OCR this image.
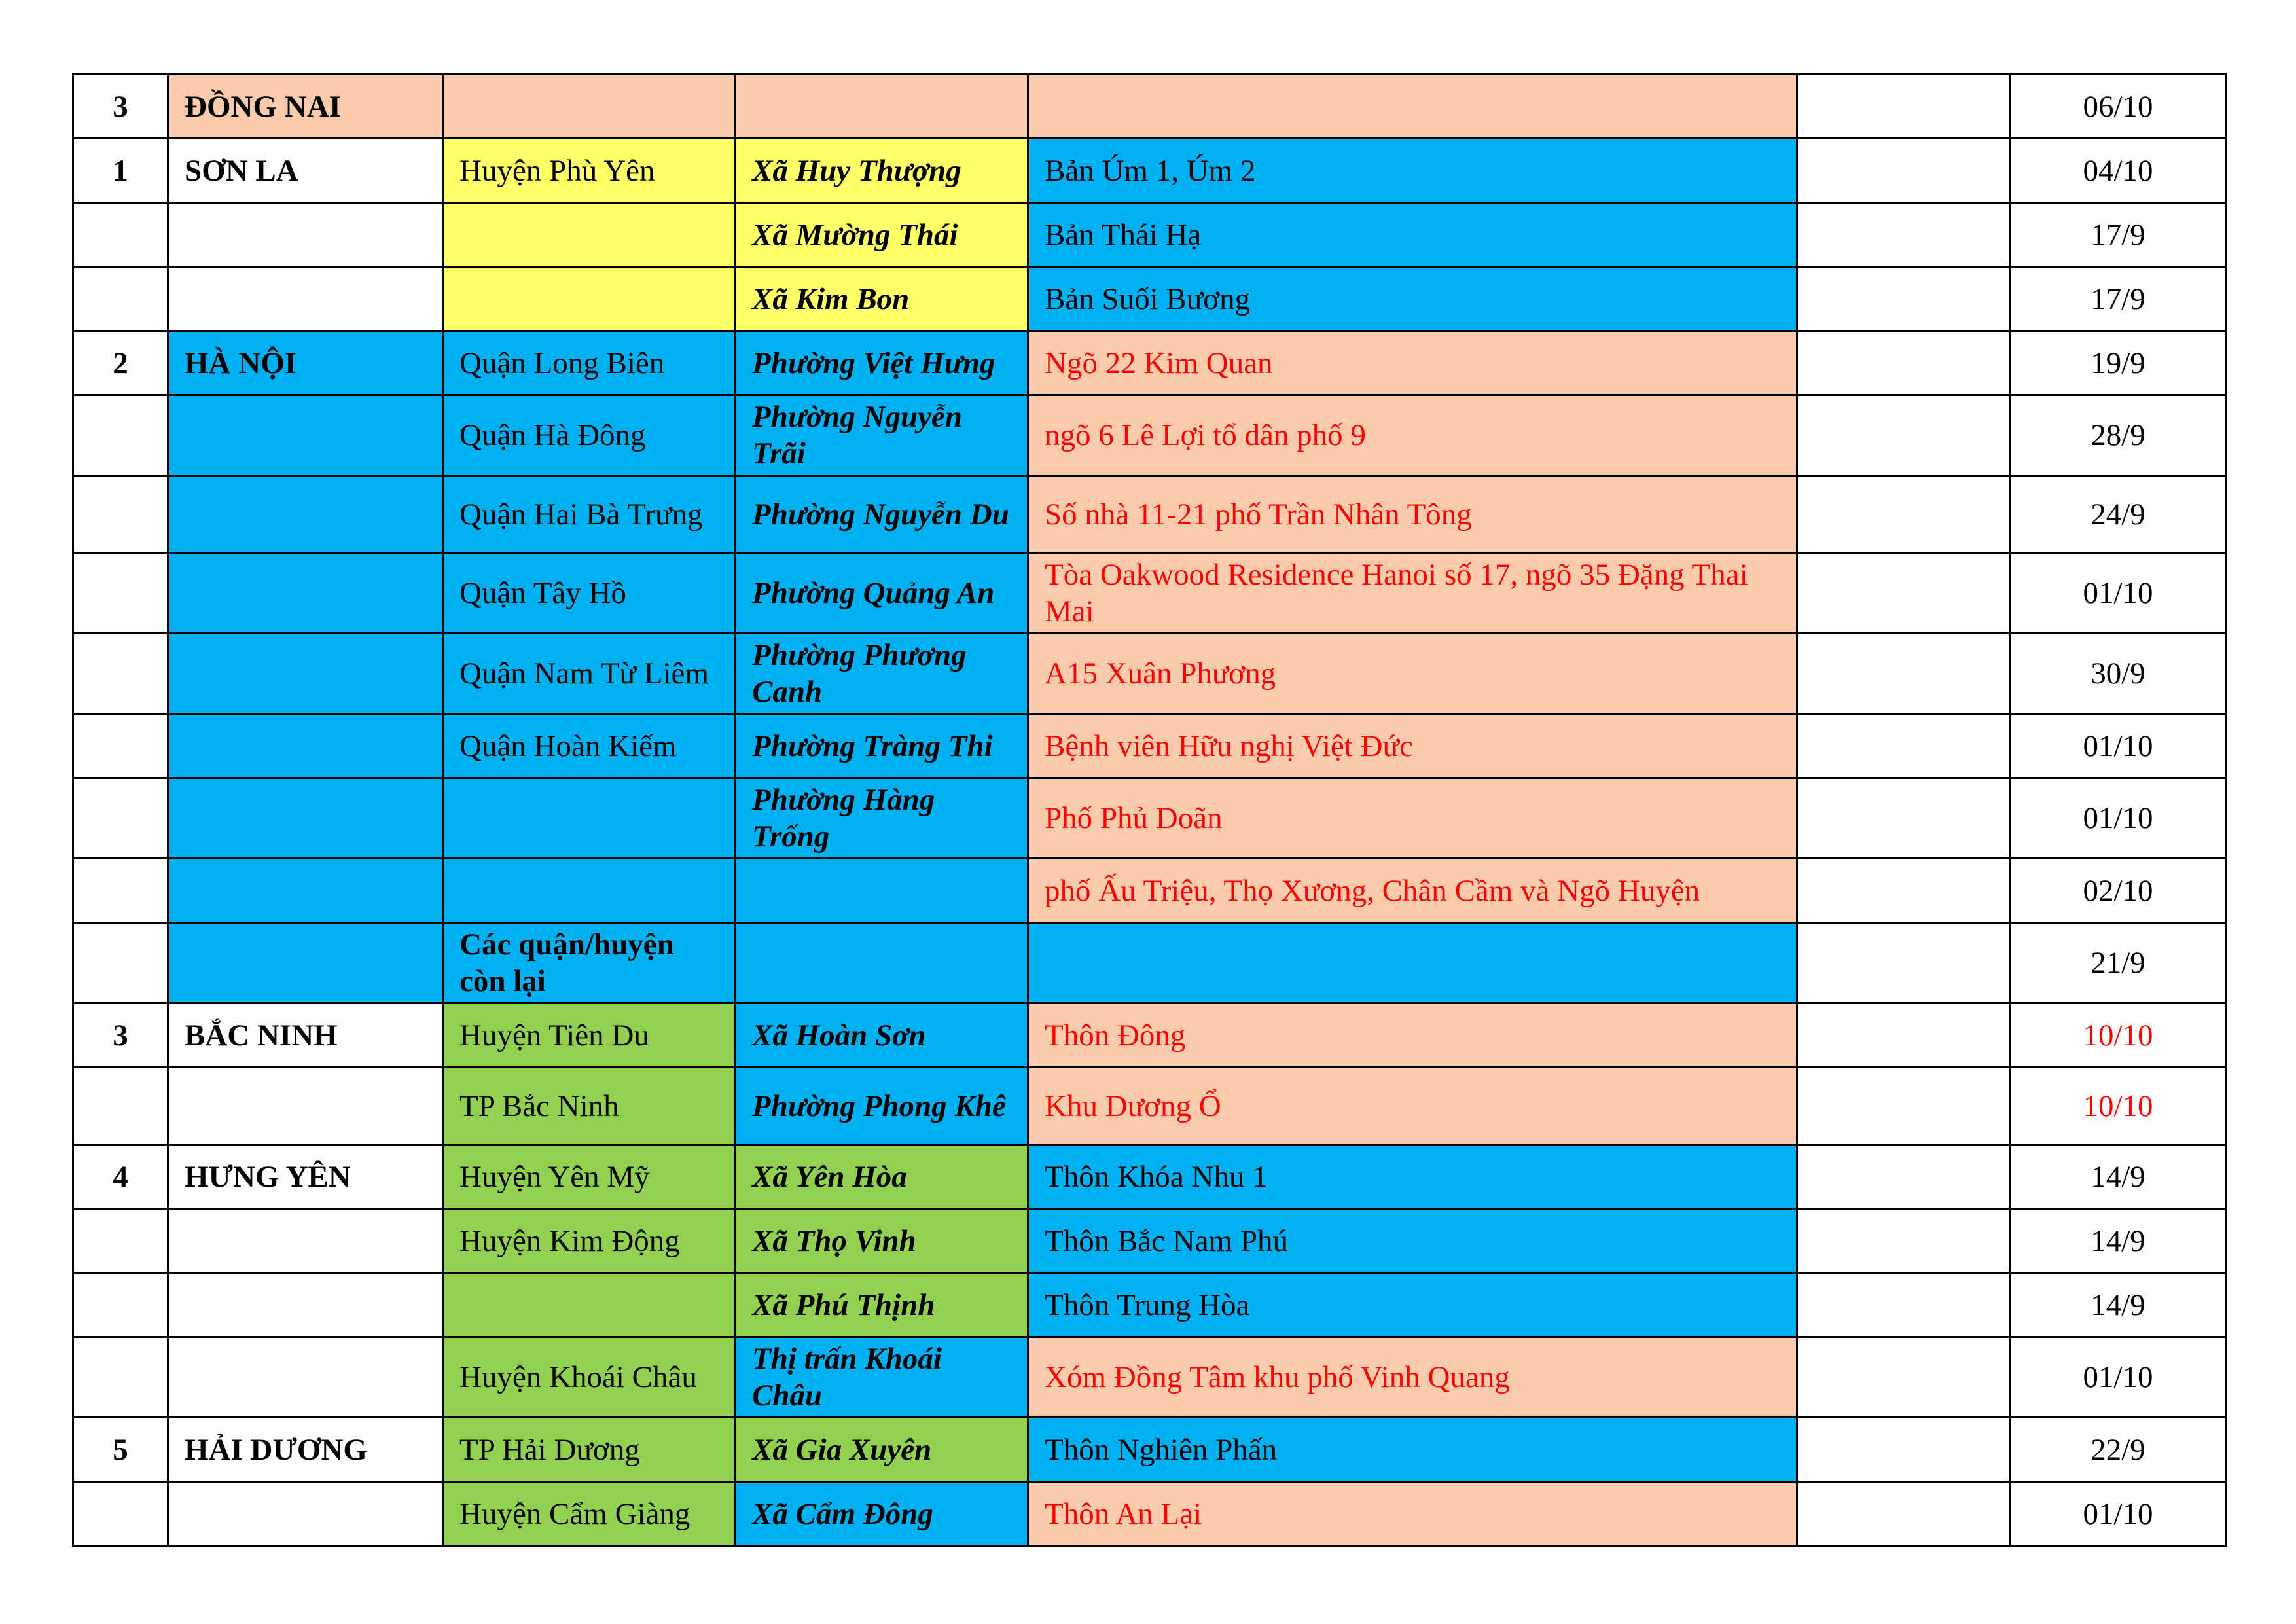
3	ĐỒNG NAI					06/10
1	SƠN LA	Huyện Phù Yên	Xã Huy Thượng	Bản Úm 1, Úm 2		04/10
			Xã Mường Thái	Bản Thái Hạ		17/9
			Xã Kim Bon	Bản Suối Bương		17/9
2	HÀ NỘI	Quận Long Biên	Phường Việt Hưng	Ngõ 22 Kim Quan		19/9
		Quận Hà Đông	Phường Nguyễn Trãi	ngõ 6 Lê Lợi tổ dân phố 9		28/9
		Quận Hai Bà Trưng	Phường Nguyễn Du	Số nhà 11-21 phố Trần Nhân Tông		24/9
		Quận Tây Hồ	Phường Quảng An	Tòa Oakwood Residence Hanoi số 17, ngõ 35 Đặng Thai Mai		01/10
		Quận Nam Từ Liêm	Phường Phương Canh	A15 Xuân Phương		30/9
		Quận Hoàn Kiếm	Phường Tràng Thi	Bệnh viên Hữu nghị Việt Đức		01/10
			Phường Hàng Trống	Phố Phủ Doãn		01/10
				phố Ấu Triệu, Thọ Xương, Chân Cầm và Ngõ Huyện		02/10
		Các quận/huyện còn lại				21/9
3	BẮC NINH	Huyện Tiên Du	Xã Hoàn Sơn	Thôn Đông		10/10
		TP Bắc Ninh	Phường Phong Khê	Khu Dương Ổ		10/10
4	HƯNG YÊN	Huyện Yên Mỹ	Xã Yên Hòa	Thôn Khóa Nhu 1		14/9
		Huyện Kim Động	Xã Thọ Vinh	Thôn Bắc Nam Phú		14/9
			Xã Phú Thịnh	Thôn Trung Hòa		14/9
		Huyện Khoái Châu	Thị trấn Khoái Châu	Xóm Đồng Tâm khu phố Vinh Quang		01/10
5	HẢI DƯƠNG	TP Hải Dương	Xã Gia Xuyên	Thôn Nghiên Phấn		22/9
		Huyện Cẩm Giàng	Xã Cẩm Đông	Thôn An Lại		01/10
